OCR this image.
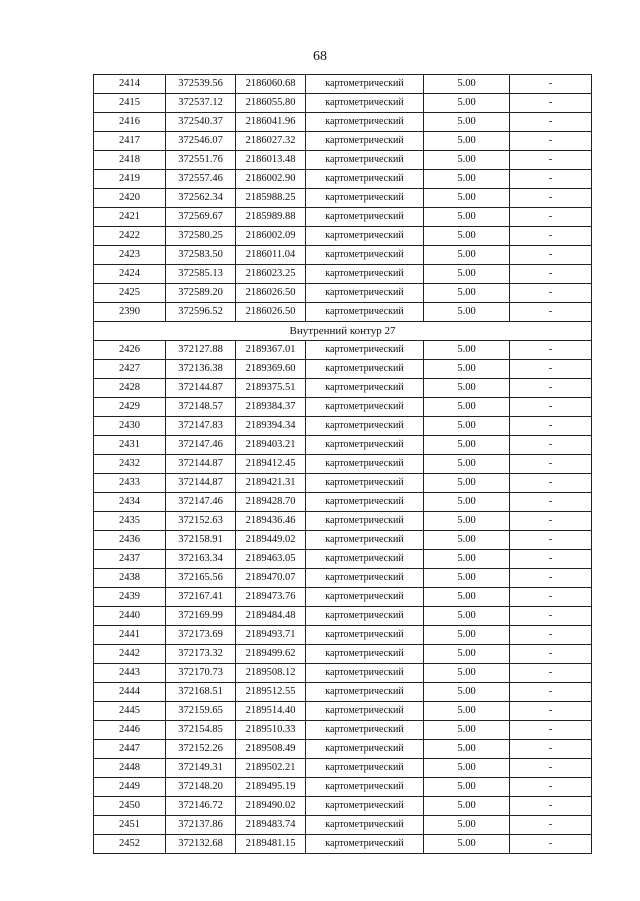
68
2414	372539.56	2186060.68	картометрический	5.00	-
2415	372537.12	2186055.80	картометрический	5.00	-
2416	372540.37	2186041.96	картометрический	5.00	-
2417	372546.07	2186027.32	картометрический	5.00	-
2418	372551.76	2186013.48	картометрический	5.00	-
2419	372557.46	2186002.90	картометрический	5.00	-
2420	372562.34	2185988.25	картометрический	5.00	-
2421	372569.67	2185989.88	картометрический	5.00	-
2422	372580.25	2186002.09	картометрический	5.00	-
2423	372583.50	2186011.04	картометрический	5.00	-
2424	372585.13	2186023.25	картометрический	5.00	-
2425	372589.20	2186026.50	картометрический	5.00	-
2390	372596.52	2186026.50	картометрический	5.00	-
Внутренний контур 27					
2426	372127.88	2189367.01	картометрический	5.00	-
2427	372136.38	2189369.60	картометрический	5.00	-
2428	372144.87	2189375.51	картометрический	5.00	-
2429	372148.57	2189384.37	картометрический	5.00	-
2430	372147.83	2189394.34	картометрический	5.00	-
2431	372147.46	2189403.21	картометрический	5.00	-
2432	372144.87	2189412.45	картометрический	5.00	-
2433	372144.87	2189421.31	картометрический	5.00	-
2434	372147.46	2189428.70	картометрический	5.00	-
2435	372152.63	2189436.46	картометрический	5.00	-
2436	372158.91	2189449.02	картометрический	5.00	-
2437	372163.34	2189463.05	картометрический	5.00	-
2438	372165.56	2189470.07	картометрический	5.00	-
2439	372167.41	2189473.76	картометрический	5.00	-
2440	372169.99	2189484.48	картометрический	5.00	-
2441	372173.69	2189493.71	картометрический	5.00	-
2442	372173.32	2189499.62	картометрический	5.00	-
2443	372170.73	2189508.12	картометрический	5.00	-
2444	372168.51	2189512.55	картометрический	5.00	-
2445	372159.65	2189514.40	картометрический	5.00	-
2446	372154.85	2189510.33	картометрический	5.00	-
2447	372152.26	2189508.49	картометрический	5.00	-
2448	372149.31	2189502.21	картометрический	5.00	-
2449	372148.20	2189495.19	картометрический	5.00	-
2450	372146.72	2189490.02	картометрический	5.00	-
2451	372137.86	2189483.74	картометрический	5.00	-
2452	372132.68	2189481.15	картометрический	5.00	-
